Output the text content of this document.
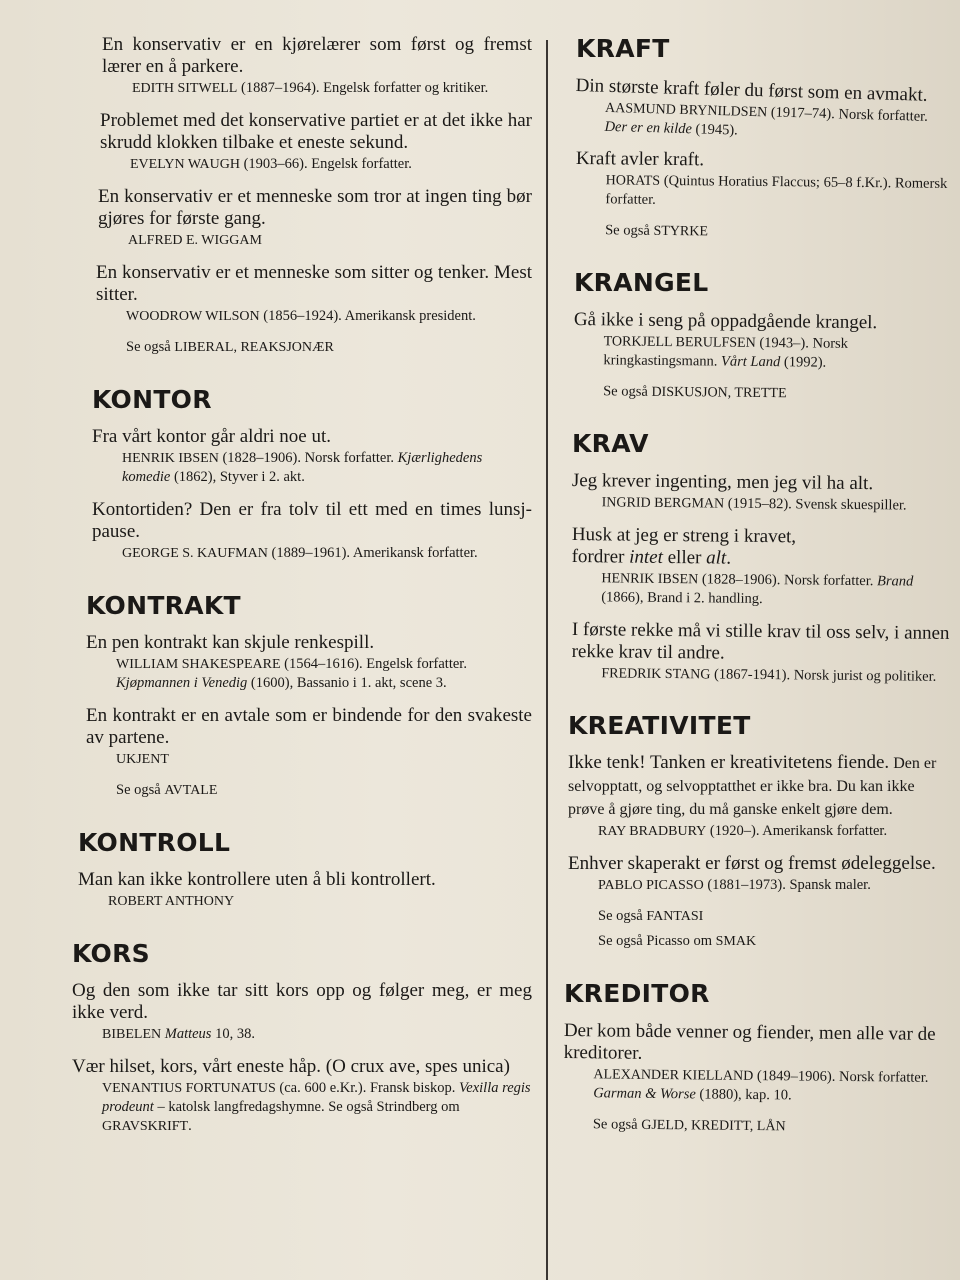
En konservativ er en kjørelærer som først og fremst lærer en å parkere.

EDITH SITWELL (1887–1964). Engelsk forfatter og kritiker.

Problemet med det konservative partiet er at det ikke har skrudd klokken tilbake et eneste sekund.

EVELYN WAUGH (1903–66). Engelsk forfatter.

En konservativ er et menneske som tror at ingen ting bør gjøres for første gang.

ALFRED E. WIGGAM

En konservativ er et menneske som sitter og tenker. Mest sitter.

WOODROW WILSON (1856–1924). Amerikansk president.

Se også LIBERAL, REAKSJONÆR

KONTOR

Fra vårt kontor går aldri noe ut.

HENRIK IBSEN (1828–1906). Norsk forfatter. Kjærlighedens komedie (1862), Styver i 2. akt.

Kontortiden? Den er fra tolv til ett med en times lunsj-pause.

GEORGE S. KAUFMAN (1889–1961). Amerikansk forfatter.

KONTRAKT

En pen kontrakt kan skjule renkespill.

WILLIAM SHAKESPEARE (1564–1616). Engelsk forfatter. Kjøpmannen i Venedig (1600), Bassanio i 1. akt, scene 3.

En kontrakt er en avtale som er bindende for den svakeste av partene.

UKJENT

Se også AVTALE

KONTROLL

Man kan ikke kontrollere uten å bli kontrollert.

ROBERT ANTHONY

KORS

Og den som ikke tar sitt kors opp og følger meg, er meg ikke verd.

BIBELEN Matteus 10, 38.

Vær hilset, kors, vårt eneste håp. (O crux ave, spes unica)

VENANTIUS FORTUNATUS (ca. 600 e.Kr.). Fransk biskop. Vexilla regis prodeunt – katolsk langfredagshymne. Se også Strindberg om GRAVSKRIFT.

KRAFT

Din største kraft føler du først som en avmakt.

AASMUND BRYNILDSEN (1917–74). Norsk forfatter. Der er en kilde (1945).

Kraft avler kraft.

HORATS (Quintus Horatius Flaccus; 65–8 f.Kr.). Romersk forfatter.

Se også STYRKE

KRANGEL

Gå ikke i seng på oppadgående krangel.

TORKJELL BERULFSEN (1943–). Norsk kringkastingsmann. Vårt Land (1992).

Se også DISKUSJON, TRETTE

KRAV

Jeg krever ingenting, men jeg vil ha alt.

INGRID BERGMAN (1915–82). Svensk skuespiller.

Husk at jeg er streng i kravet,
fordrer intet eller alt.

HENRIK IBSEN (1828–1906). Norsk forfatter. Brand (1866), Brand i 2. handling.

I første rekke må vi stille krav til oss selv, i annen rekke krav til andre.

FREDRIK STANG (1867-1941). Norsk jurist og politiker.

KREATIVITET

Ikke tenk! Tanken er kreativitetens fiende. Den er selvopptatt, og selvopptatthet er ikke bra. Du kan ikke prøve å gjøre ting, du må ganske enkelt gjøre dem.

RAY BRADBURY (1920–). Amerikansk forfatter.

Enhver skaperakt er først og fremst ødeleggelse.

PABLO PICASSO (1881–1973). Spansk maler.

Se også FANTASI

Se også Picasso om SMAK

KREDITOR

Der kom både venner og fiender, men alle var de kreditorer.

ALEXANDER KIELLAND (1849–1906). Norsk forfatter. Garman & Worse (1880), kap. 10.

Se også GJELD, KREDITT, LÅN
